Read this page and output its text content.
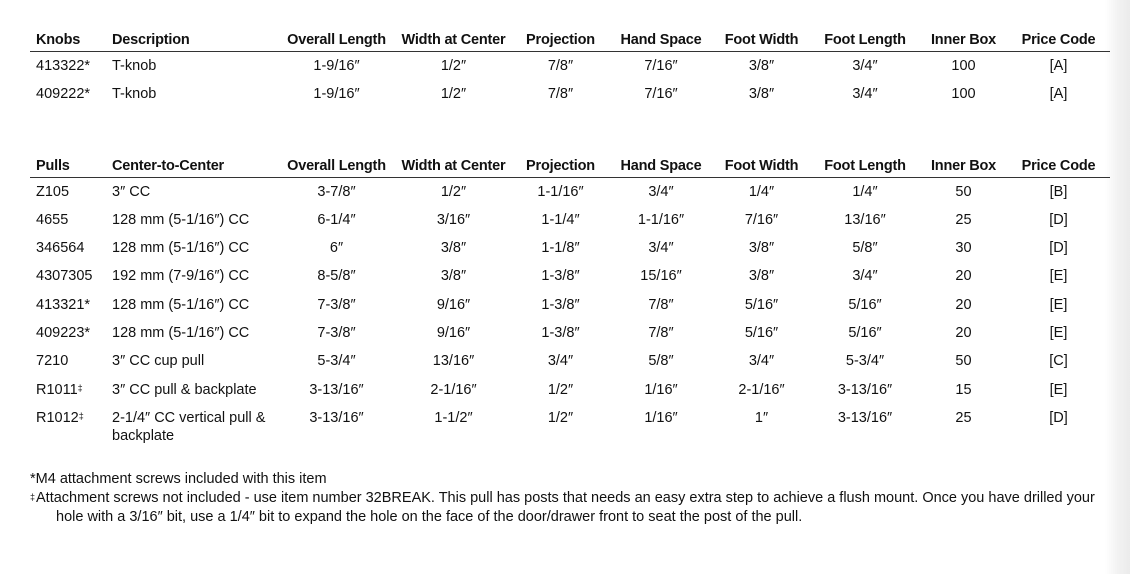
Knobs	Description	Overall Length	Width at Center	Projection	Hand Space	Foot Width	Foot Length	Inner Box	Price Code
413322*	T-knob	1-9/16″	1/2″	7/8″	7/16″	3/8″	3/4″	100	[A]
409222*	T-knob	1-9/16″	1/2″	7/8″	7/16″	3/8″	3/4″	100	[A]
Pulls	Center-to-Center	Overall Length	Width at Center	Projection	Hand Space	Foot Width	Foot Length	Inner Box	Price Code
Z105	3″ CC	3-7/8″	1/2″	1-1/16″	3/4″	1/4″	1/4″	50	[B]
4655	128 mm (5-1/16″) CC	6-1/4″	3/16″	1-1/4″	1-1/16″	7/16″	13/16″	25	[D]
346564	128 mm (5-1/16″) CC	6″	3/8″	1-1/8″	3/4″	3/8″	5/8″	30	[D]
4307305	192 mm (7-9/16″) CC	8-5/8″	3/8″	1-3/8″	15/16″	3/8″	3/4″	20	[E]
413321*	128 mm (5-1/16″) CC	7-3/8″	9/16″	1-3/8″	7/8″	5/16″	5/16″	20	[E]
409223*	128 mm (5-1/16″) CC	7-3/8″	9/16″	1-3/8″	7/8″	5/16″	5/16″	20	[E]
7210	3″ CC cup pull	5-3/4″	13/16″	3/4″	5/8″	3/4″	5-3/4″	50	[C]
R1011‡	3″ CC pull & backplate	3-13/16″	2-1/16″	1/2″	1/16″	2-1/16″	3-13/16″	15	[E]
R1012‡	2-1/4″ CC vertical pull & backplate	3-13/16″	1-1/2″	1/2″	1/16″	1″	3-13/16″	25	[D]
*M4 attachment screws included with this item
‡Attachment screws not included - use item number 32BREAK. This pull has posts that needs an easy extra step to achieve a flush mount. Once you have drilled your hole with a 3/16″ bit, use a 1/4″ bit to expand the hole on the face of the door/drawer front to seat the post of the pull.
